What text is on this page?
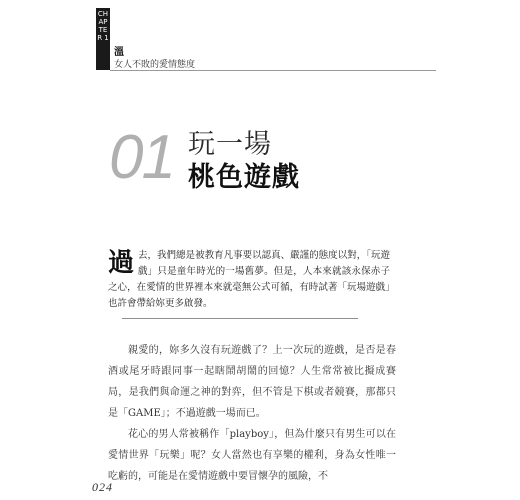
CHAPTER 1
溫
女人不敗的愛情態度
01 玩一場
桃色遊戲
過去，我們總是被教育凡事要以認真、嚴謹的態度以對，「玩遊戲」只是童年時光的一場舊夢。但是，人本來就該永保赤子之心，在愛情的世界裡本來就毫無公式可循，有時試著「玩場遊戲」也許會帶給妳更多啟發。

親愛的，妳多久沒有玩遊戲了？上一次玩的遊戲，是否是春酒或尾牙時跟同事一起瞎鬧胡鬧的回憶？人生常常被比擬成賽局，是我們與命運之神的對弈，但不管是下棋或者競賽，那都只是「GAME」；不過遊戲一場而已。

花心的男人常被稱作「playboy」，但為什麼只有男生可以在愛情世界「玩樂」呢？女人當然也有享樂的權利，身為女性唯一吃虧的，可能是在愛情遊戲中要冒懷孕的風險，不

024
